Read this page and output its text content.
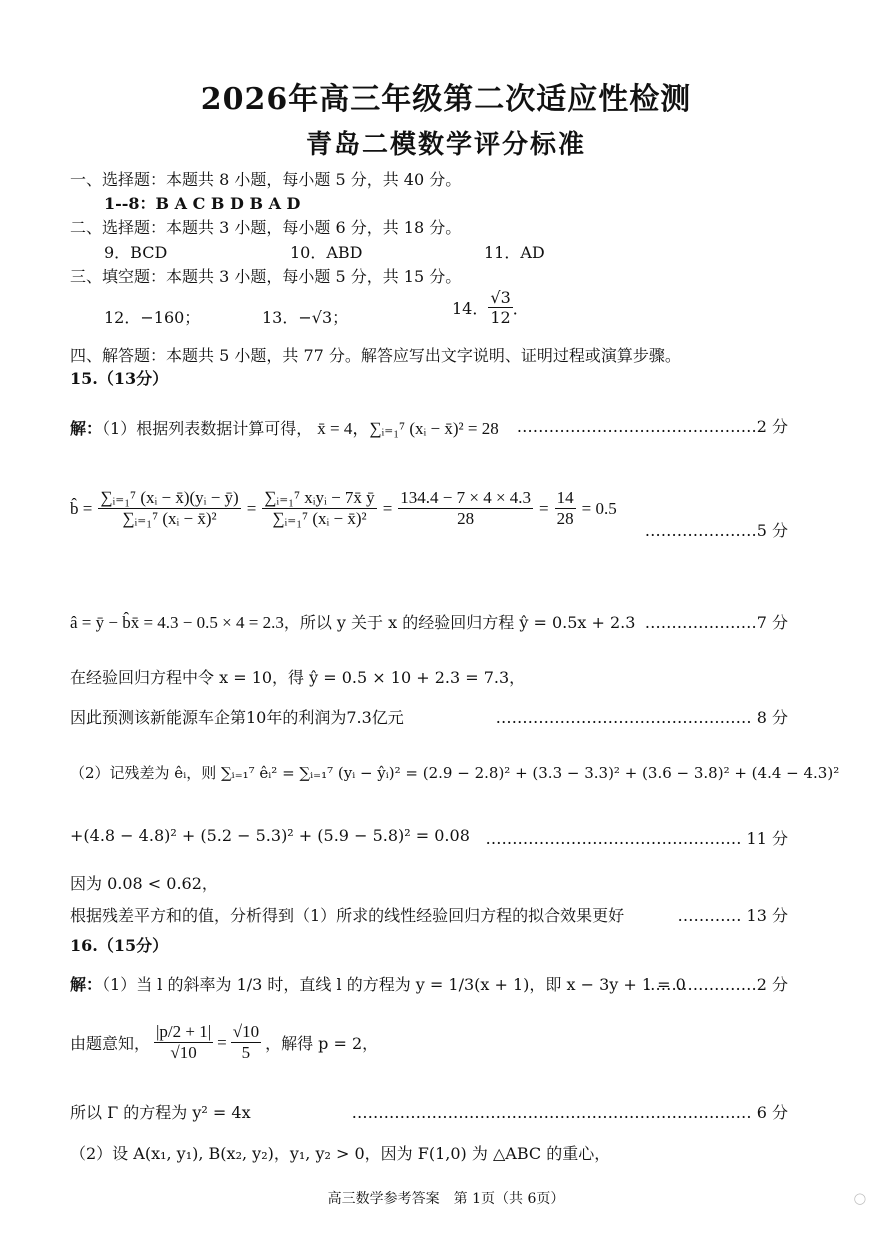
2026年高三年级第二次适应性检测
青岛二模数学评分标准
一、选择题：本题共 8 小题，每小题 5 分，共 40 分。
1--8：B A C B D B A D
二、选择题：本题共 3 小题，每小题 6 分，共 18 分。
9．BCD	10．ABD	11．AD
三、填空题：本题共 3 小题，每小题 5 分，共 15 分。
12．−160；	13．−√3；	14． $\frac{√3}{12}$ ．
四、解答题：本题共 5 小题，共 77 分。解答应写出文字说明、证明过程或演算步骤。
15.（13分）
解：（1）根据列表数据计算可得， x̄ = 4，∑ᵢ₌₁⁷ (xᵢ − x̄)² = 28 ………………………………………2 分
b̂ = $\frac{\text{∑ᵢ₌₁⁷ (xᵢ − x̄)(yᵢ − ȳ)}}{\text{∑ᵢ₌₁⁷ (xᵢ − x̄)²}} = \frac{\text{∑ᵢ₌₁⁷ xᵢyᵢ − 7x̄ ȳ}}{\text{∑ᵢ₌₁⁷ (xᵢ − x̄)²}} = \frac{134.4 - 7 \times 4 \times 4.3}{28} = \frac{14}{28} = 0.5$
…………………5 分
â = ȳ − b̂x̄ = 4.3 − 0.5 × 4 = 2.3，所以 y 关于 x 的经验回归方程 ŷ = 0.5x + 2.3 …………………7 分
在经验回归方程中令 x = 10，得 ŷ = 0.5 × 10 + 2.3 = 7.3，
因此预测该新能源车企第10年的利润为7.3亿元	………………………………………… 8 分
（2）记残差为 êᵢ，则 ∑ᵢ₌₁⁷ êᵢ² = ∑ᵢ₌₁⁷ (yᵢ − ŷᵢ)² = (2.9 − 2.8)² + (3.3 − 3.3)² + (3.6 − 3.8)² + (4.4 − 4.3)²
+(4.8 − 4.8)² + (5.2 − 5.3)² + (5.9 − 5.8)² = 0.08 ………………………………………… 11 分
因为 0.08 < 0.62，
根据残差平方和的值，分析得到（1）所求的线性经验回归方程的拟合效果更好	………… 13 分
16.（15分）
解：（1）当 l 的斜率为 1/3 时，直线 l 的方程为 y = 1/3(x + 1)，即 x − 3y + 1 = 0
…………………2 分
由题意知， $\frac{|p/2 + 1|}{√10} = \frac{√10}{5}$ ，解得 p = 2，
所以 Γ 的方程为 y² = 4x	………………………………………………………………… 6 分
（2）设 A(x₁, y₁), B(x₂, y₂)，y₁, y₂ > 0，因为 F(1,0) 为 △ABC 的重心，
高三数学参考答案　第 1页（共 6页）	◯
